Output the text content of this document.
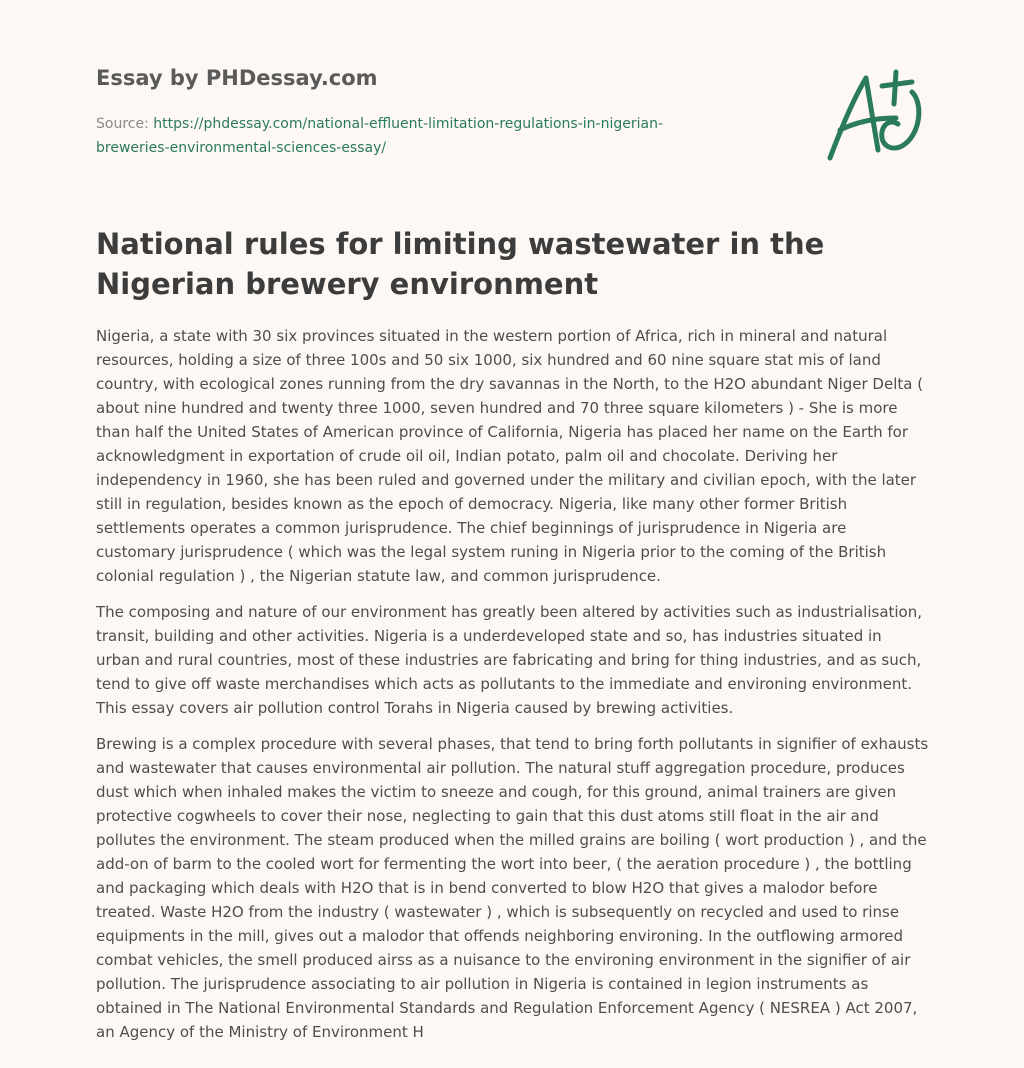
Essay by PHDessay.com
Source: https://phdessay.com/national-effluent-limitation-regulations-in-nigerian-breweries-environmental-sciences-essay/
National rules for limiting wastewater in the Nigerian brewery environment

Nigeria, a state with 30 six provinces situated in the western portion of Africa, rich in mineral and natural resources, holding a size of three 100s and 50 six 1000, six hundred and 60 nine square stat mis of land country, with ecological zones running from the dry savannas in the North, to the H2O abundant Niger Delta ( about nine hundred and twenty three 1000, seven hundred and 70 three square kilometers ) - She is more than half the United States of American province of California, Nigeria has placed her name on the Earth for acknowledgment in exportation of crude oil oil, Indian potato, palm oil and chocolate. Deriving her independency in 1960, she has been ruled and governed under the military and civilian epoch, with the later still in regulation, besides known as the epoch of democracy. Nigeria, like many other former British settlements operates a common jurisprudence. The chief beginnings of jurisprudence in Nigeria are customary jurisprudence ( which was the legal system runing in Nigeria prior to the coming of the British colonial regulation ) , the Nigerian statute law, and common jurisprudence.

The composing and nature of our environment has greatly been altered by activities such as industrialisation, transit, building and other activities. Nigeria is a underdeveloped state and so, has industries situated in urban and rural countries, most of these industries are fabricating and bring for thing industries, and as such, tend to give off waste merchandises which acts as pollutants to the immediate and environing environment. This essay covers air pollution control Torahs in Nigeria caused by brewing activities.

Brewing is a complex procedure with several phases, that tend to bring forth pollutants in signifier of exhausts and wastewater that causes environmental air pollution. The natural stuff aggregation procedure, produces dust which when inhaled makes the victim to sneeze and cough, for this ground, animal trainers are given protective cogwheels to cover their nose, neglecting to gain that this dust atoms still float in the air and pollutes the environment. The steam produced when the milled grains are boiling ( wort production ) , and the add-on of barm to the cooled wort for fermenting the wort into beer, ( the aeration procedure ) , the bottling and packaging which deals with H2O that is in bend converted to blow H2O that gives a malodor before treated. Waste H2O from the industry ( wastewater ) , which is subsequently on recycled and used to rinse equipments in the mill, gives out a malodor that offends neighboring environing. In the outflowing armored combat vehicles, the smell produced airss as a nuisance to the environing environment in the signifier of air pollution. The jurisprudence associating to air pollution in Nigeria is contained in legion instruments as obtained in The National Environmental Standards and Regulation Enforcement Agency ( NESREA ) Act 2007, an Agency of the Ministry of Environment H
